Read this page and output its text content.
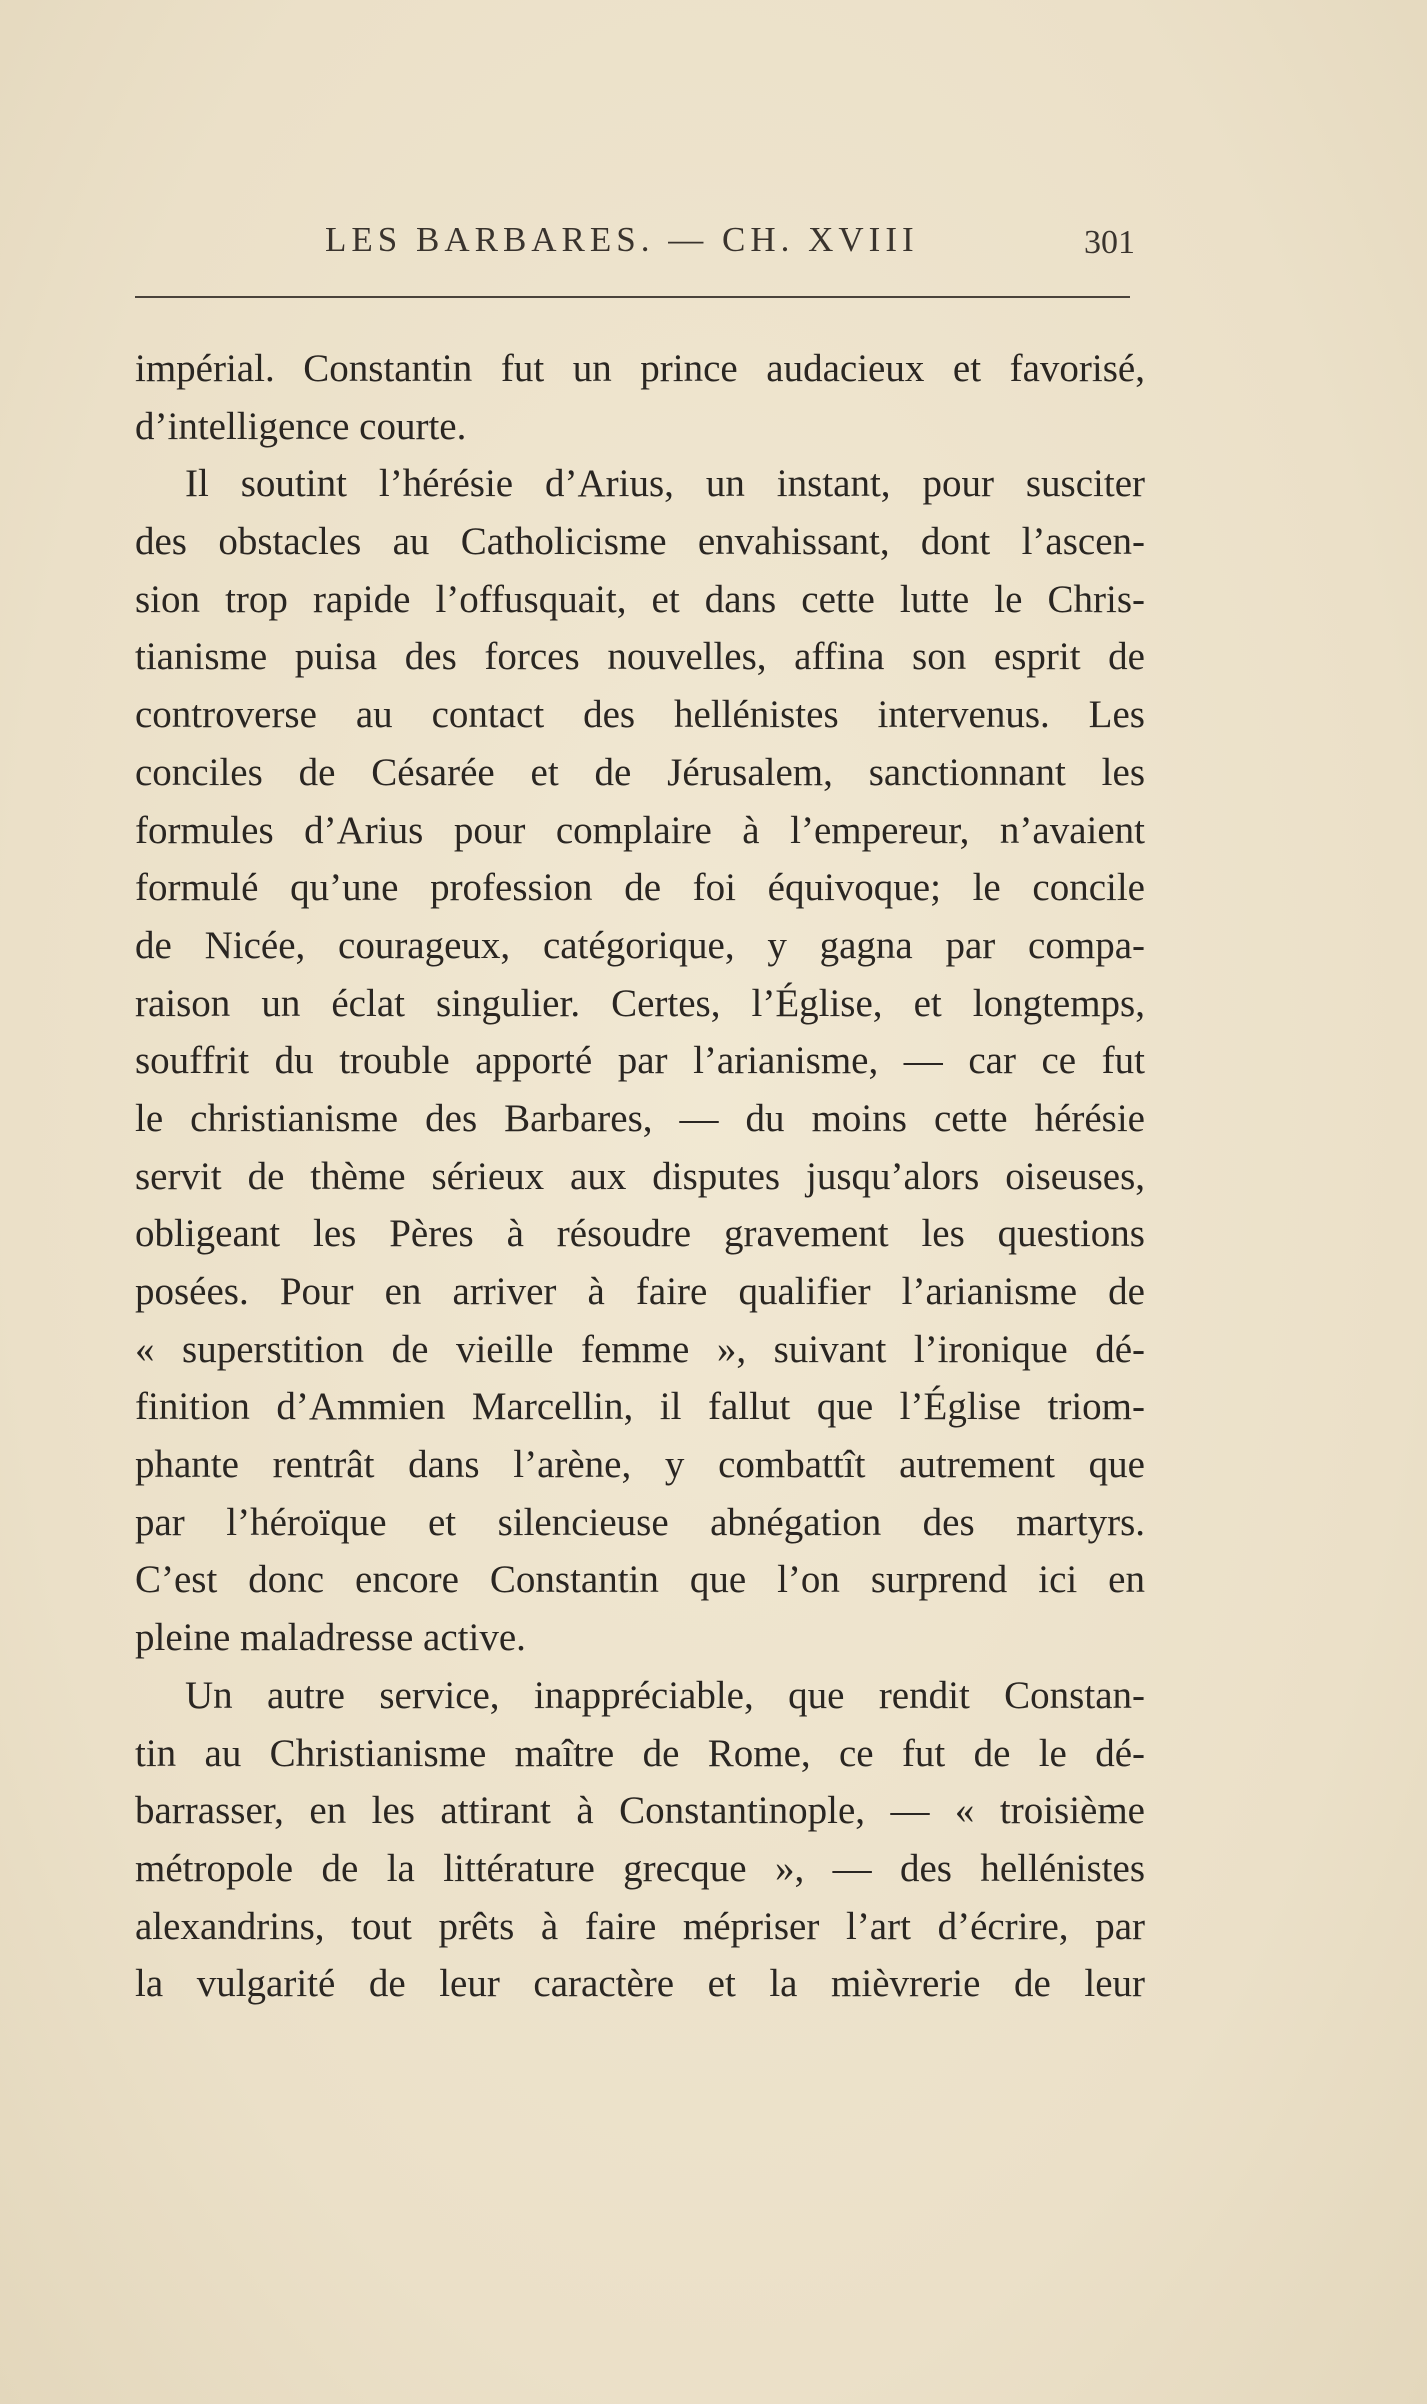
LES BARBARES. — CH. XVIII	301
impérial. Constantin fut un prince audacieux et favorisé,
d’intelligence courte.
Il soutint l’hérésie d’Arius, un instant, pour susciter
des obstacles au Catholicisme envahissant, dont l’ascen-
sion trop rapide l’offusquait, et dans cette lutte le Chris-
tianisme puisa des forces nouvelles, affina son esprit de
controverse au contact des hellénistes intervenus. Les
conciles de Césarée et de Jérusalem, sanctionnant les
formules d’Arius pour complaire à l’empereur, n’avaient
formulé qu’une profession de foi équivoque; le concile
de Nicée, courageux, catégorique, y gagna par compa-
raison un éclat singulier. Certes, l’Église, et longtemps,
souffrit du trouble apporté par l’arianisme, — car ce fut
le christianisme des Barbares, — du moins cette hérésie
servit de thème sérieux aux disputes jusqu’alors oiseuses,
obligeant les Pères à résoudre gravement les questions
posées. Pour en arriver à faire qualifier l’arianisme de
« superstition de vieille femme », suivant l’ironique dé-
finition d’Ammien Marcellin, il fallut que l’Église triom-
phante rentrât dans l’arène, y combattît autrement que
par l’héroïque et silencieuse abnégation des martyrs.
C’est donc encore Constantin que l’on surprend ici en
pleine maladresse active.
Un autre service, inappréciable, que rendit Constan-
tin au Christianisme maître de Rome, ce fut de le dé-
barrasser, en les attirant à Constantinople, — « troisième
métropole de la littérature grecque », — des hellénistes
alexandrins, tout prêts à faire mépriser l’art d’écrire, par
la vulgarité de leur caractère et la mièvrerie de leur
